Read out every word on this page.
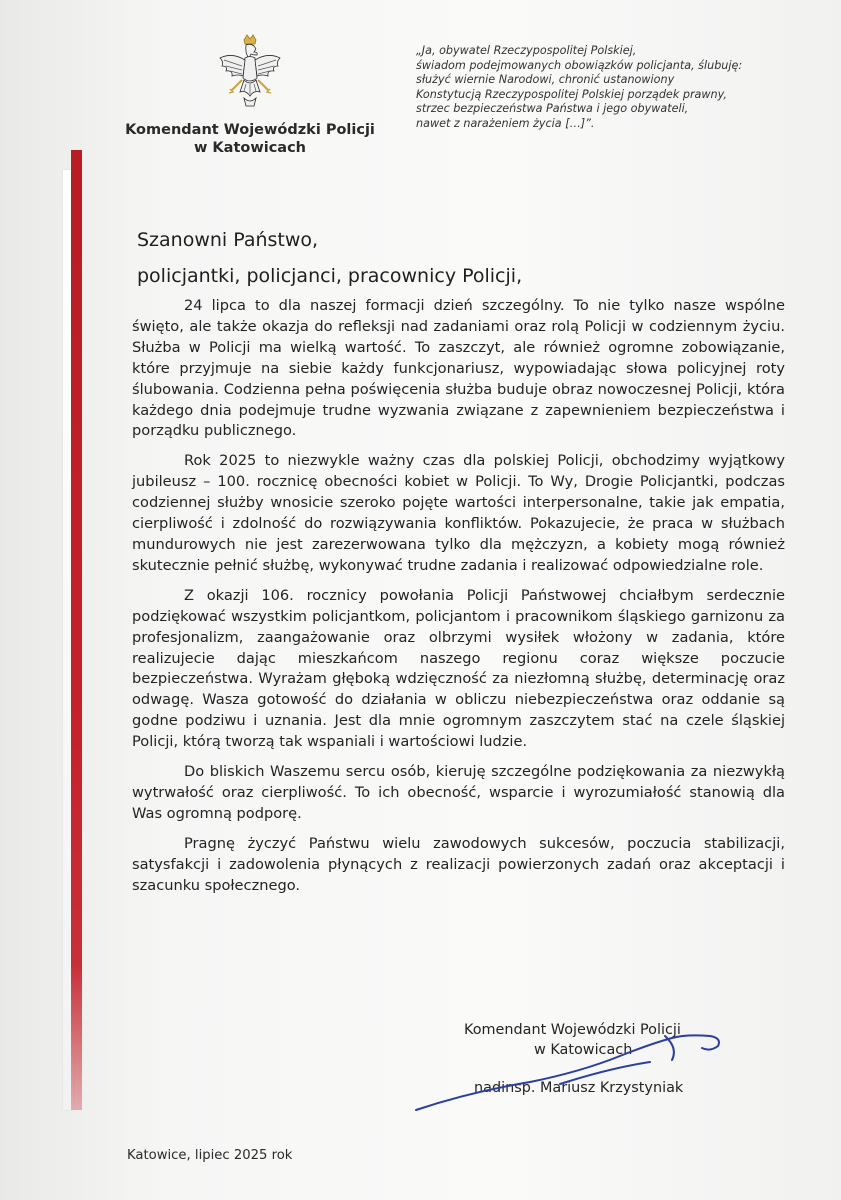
Komendant Wojewódzki Policji
w Katowicach
„Ja, obywatel Rzeczypospolitej Polskiej,
świadom podejmowanych obowiązków policjanta, ślubuję:
służyć wiernie Narodowi, chronić ustanowiony
Konstytucją Rzeczypospolitej Polskiej porządek prawny,
strzec bezpieczeństwa Państwa i jego obywateli,
nawet z narażeniem życia […]”.
Szanowni Państwo,
policjantki, policjanci, pracownicy Policji,

24 lipca to dla naszej formacji dzień szczególny. To nie tylko nasze wspólne święto, ale także okazja do refleksji nad zadaniami oraz rolą Policji w codziennym życiu. Służba w Policji ma wielką wartość. To zaszczyt, ale również ogromne zobowiązanie, które przyjmuje na siebie każdy funkcjonariusz, wypowiadając słowa policyjnej roty ślubowania. Codzienna pełna poświęcenia służba buduje obraz nowoczesnej Policji, która każdego dnia podejmuje trudne wyzwania związane z zapewnieniem bezpieczeństwa i porządku publicznego.

Rok 2025 to niezwykle ważny czas dla polskiej Policji, obchodzimy wyjątkowy jubileusz – 100. rocznicę obecności kobiet w Policji. To Wy, Drogie Policjantki, podczas codziennej służby wnosicie szeroko pojęte wartości interpersonalne, takie jak empatia, cierpliwość i zdolność do rozwiązywania konfliktów. Pokazujecie, że praca w służbach mundurowych nie jest zarezerwowana tylko dla mężczyzn, a kobiety mogą również skutecznie pełnić służbę, wykonywać trudne zadania i realizować odpowiedzialne role.

Z okazji 106. rocznicy powołania Policji Państwowej chciałbym serdecznie podziękować wszystkim policjantkom, policjantom i pracownikom śląskiego garnizonu za profesjonalizm, zaangażowanie oraz olbrzymi wysiłek włożony w zadania, które realizujecie dając mieszkańcom naszego regionu coraz większe poczucie bezpieczeństwa. Wyrażam głęboką wdzięczność za niezłomną służbę, determinację oraz odwagę. Wasza gotowość do działania w obliczu niebezpieczeństwa oraz oddanie są godne podziwu i uznania. Jest dla mnie ogromnym zaszczytem stać na czele śląskiej Policji, którą tworzą tak wspaniali i wartościowi ludzie.

Do bliskich Waszemu sercu osób, kieruję szczególne podziękowania za niezwykłą wytrwałość oraz cierpliwość. To ich obecność, wsparcie i wyrozumiałość stanowią dla Was ogromną podporę.

Pragnę życzyć Państwu wielu zawodowych sukcesów, poczucia stabilizacji, satysfakcji i zadowolenia płynących z realizacji powierzonych zadań oraz akceptacji i szacunku społecznego.

Komendant Wojewódzki Policji
w Katowicach
nadinsp. Mariusz Krzystyniak
Katowice, lipiec 2025 rok
